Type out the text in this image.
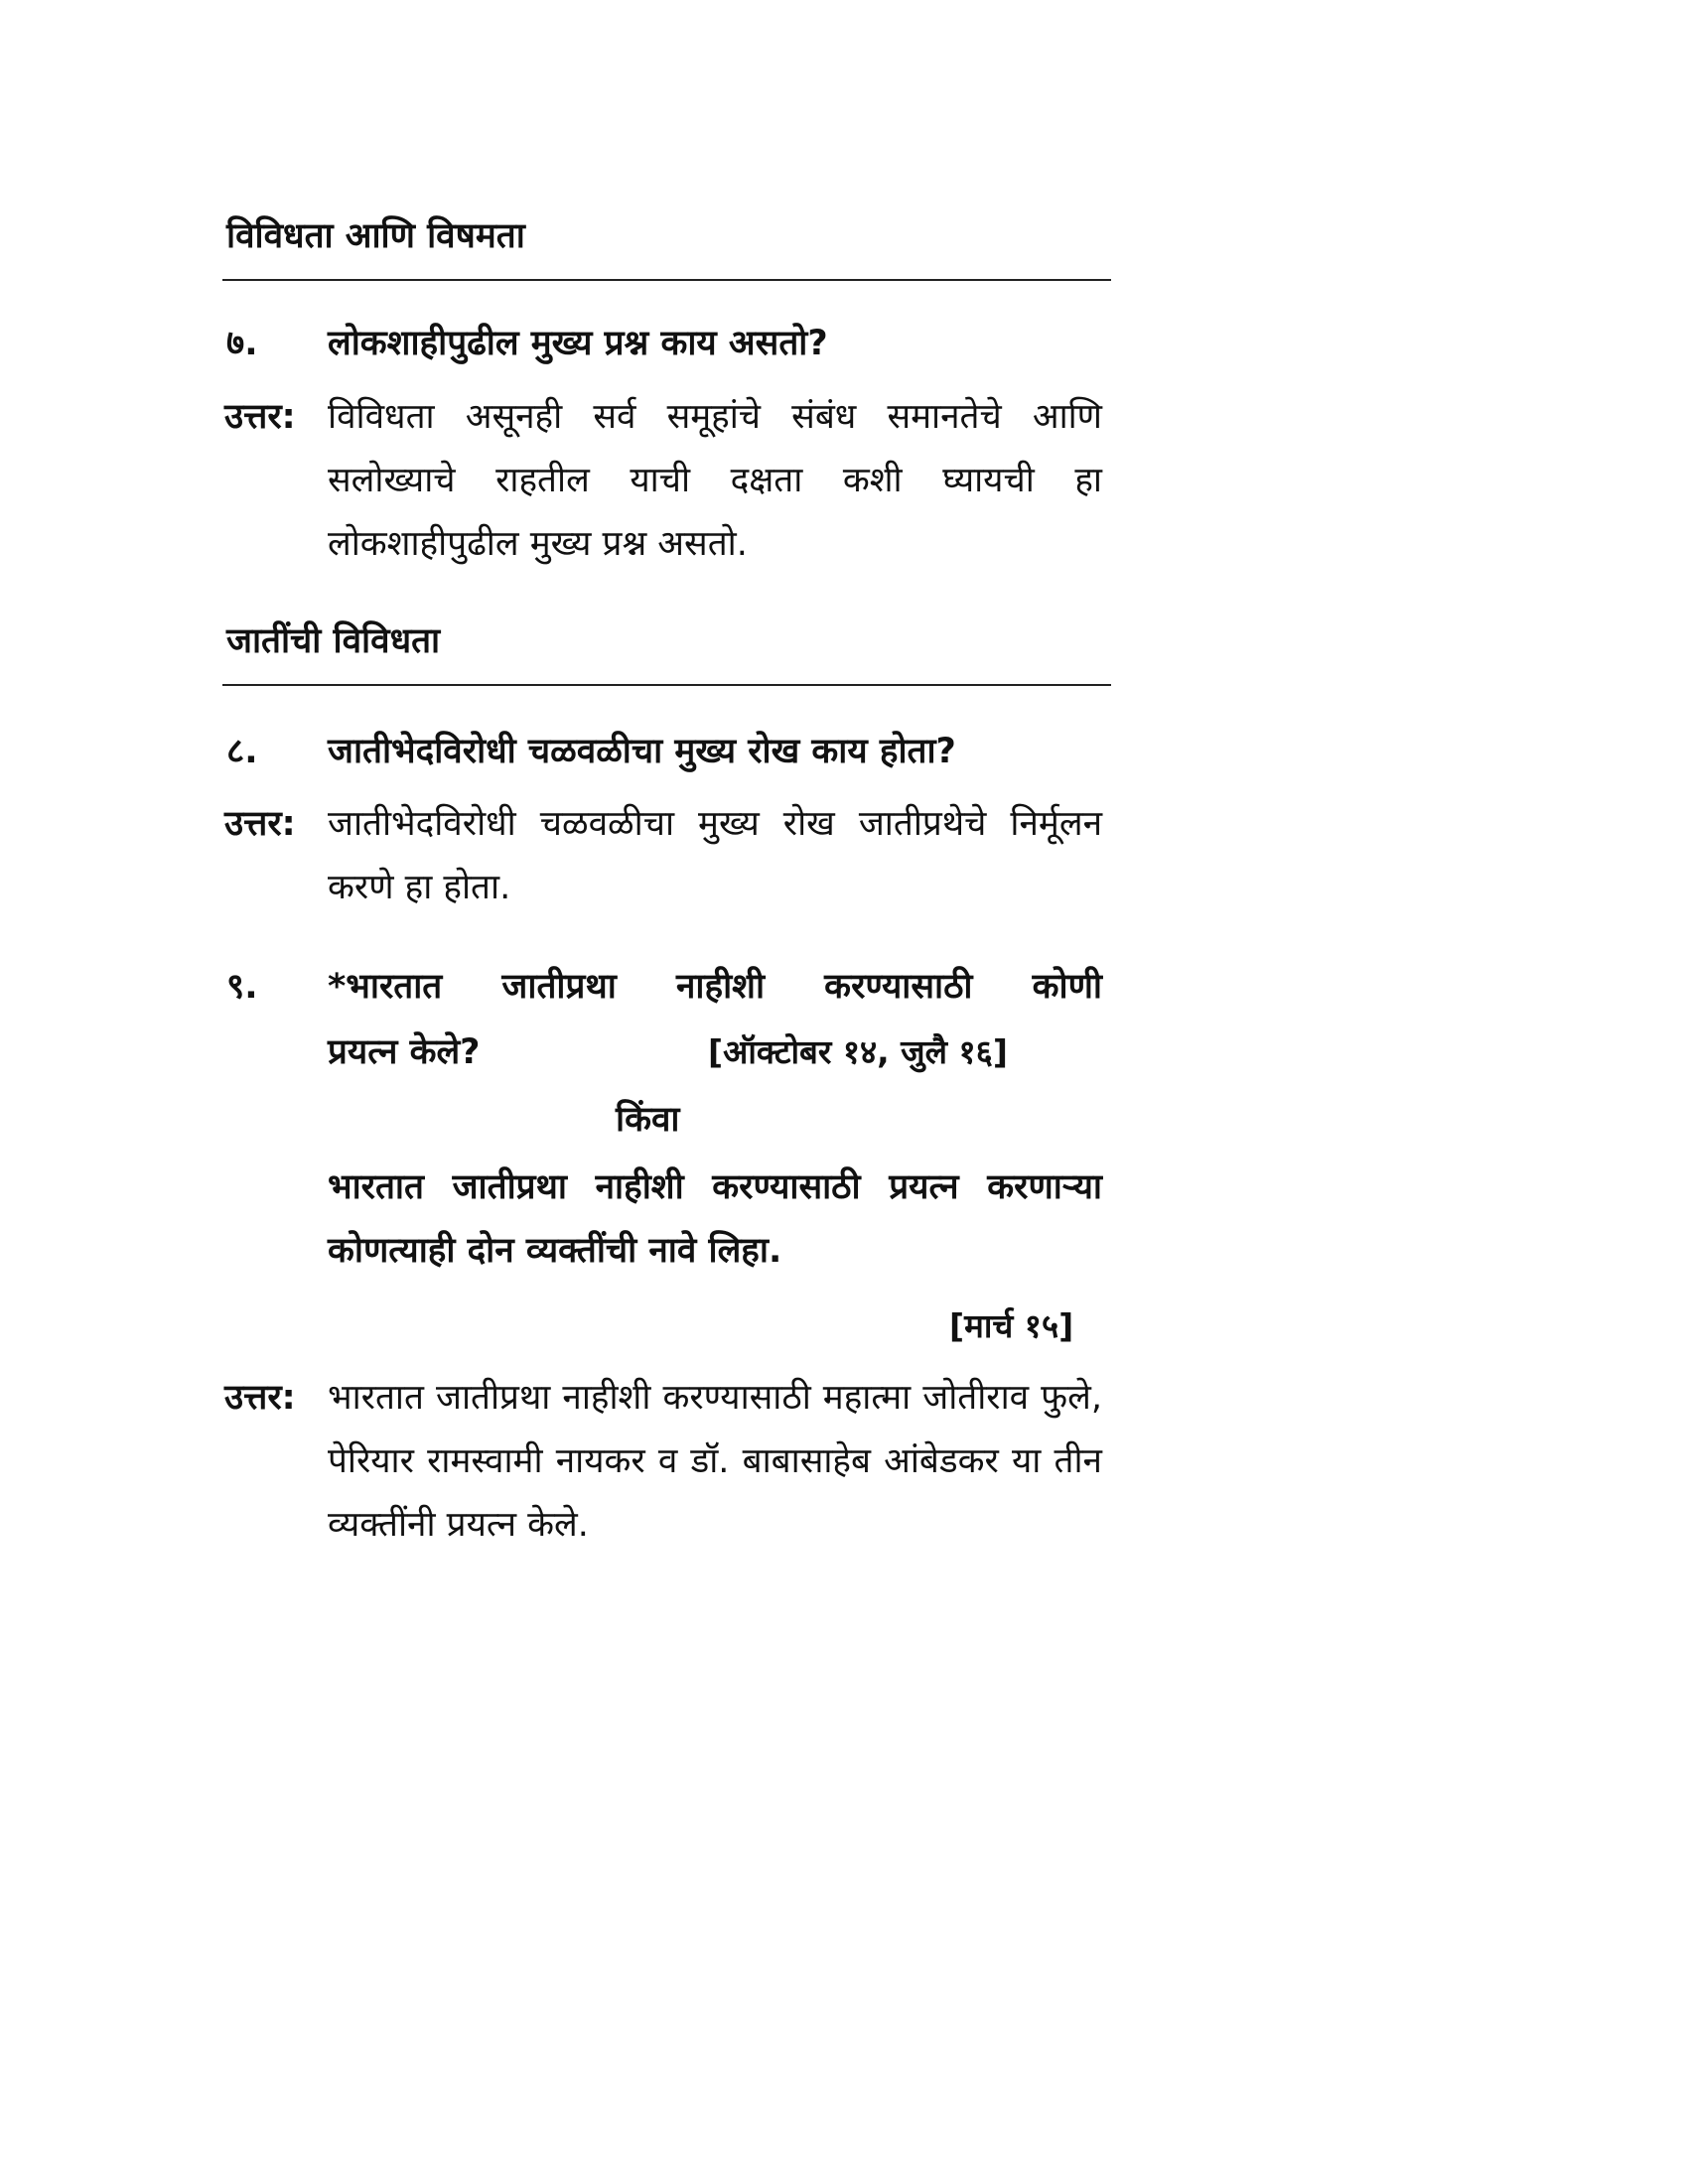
विविधता आणि विषमता
७. लोकशाहीपुढील मुख्य प्रश्न काय असतो?
उत्तर: विविधता असूनही सर्व समूहांचे संबंध समानतेचे आणि सलोख्याचे राहतील याची दक्षता कशी घ्यायची हा लोकशाहीपुढील मुख्य प्रश्न असतो.
जातींची विविधता
८. जातीभेदविरोधी चळवळीचा मुख्य रोख काय होता?
उत्तर: जातीभेदविरोधी चळवळीचा मुख्य रोख जातीप्रथेचे निर्मूलन करणे हा होता.
९. *भारतात जातीप्रथा नाहीशी करण्यासाठी कोणी
प्रयत्न केले?	[ऑक्टोबर १४, जुलै १६]
किंवा
भारतात जातीप्रथा नाहीशी करण्यासाठी प्रयत्न करणाऱ्या कोणत्याही दोन व्यक्तींची नावे लिहा.
[मार्च १५]
उत्तर: भारतात जातीप्रथा नाहीशी करण्यासाठी महात्मा जोतीराव फुले, पेरियार रामस्वामी नायकर व डॉ. बाबासाहेब आंबेडकर या तीन व्यक्तींनी प्रयत्न केले.
